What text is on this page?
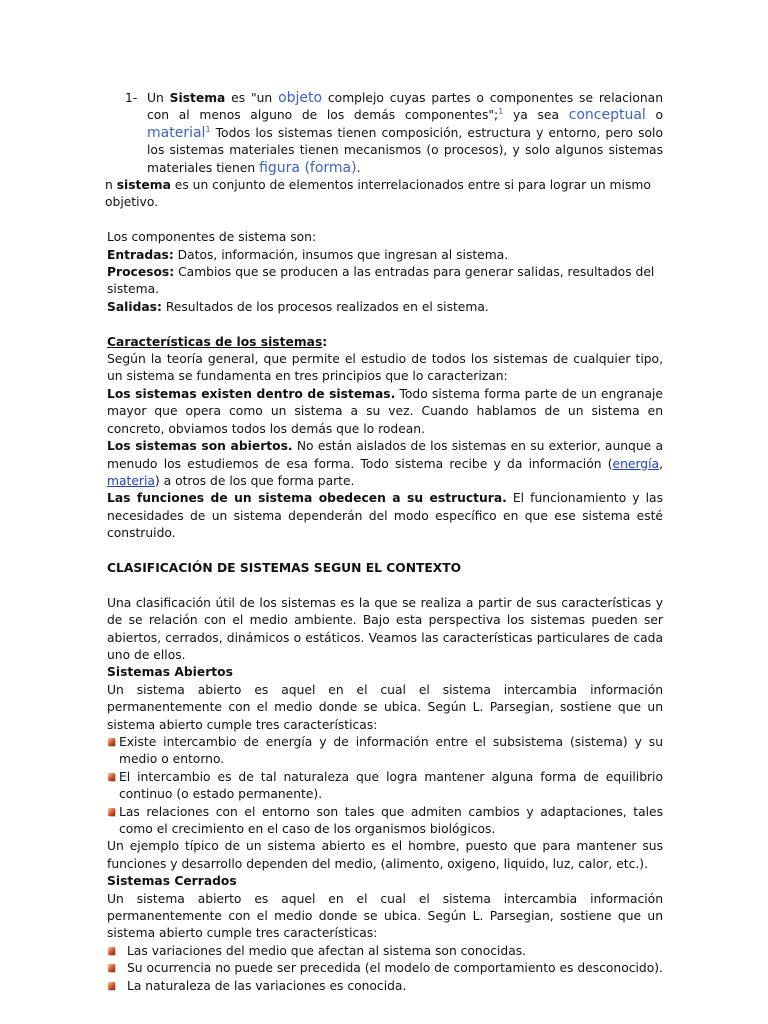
1- Un Sistema es "un objeto complejo cuyas partes o componentes se relacionan con al menos alguno de los demás componentes";$^1$ ya sea conceptual o material$^1$ Todos los sistemas tienen composición, estructura y entorno, pero solo los sistemas materiales tienen mecanismos (o procesos), y solo algunos sistemas materiales tienen figura (forma).
n sistema es un conjunto de elementos interrelacionados entre si para lograr un mismo objetivo.
Los componentes de sistema son:
Entradas: Datos, información, insumos que ingresan al sistema.
Procesos: Cambios que se producen a las entradas para generar salidas, resultados del sistema.
Salidas: Resultados de los procesos realizados en el sistema.
Características de los sistemas:
Según la teoría general, que permite el estudio de todos los sistemas de cualquier tipo, un sistema se fundamenta en tres principios que lo caracterizan:
Los sistemas existen dentro de sistemas. Todo sistema forma parte de un engranaje mayor que opera como un sistema a su vez. Cuando hablamos de un sistema en concreto, obviamos todos los demás que lo rodean.
Los sistemas son abiertos. No están aislados de los sistemas en su exterior, aunque a menudo los estudiemos de esa forma. Todo sistema recibe y da información (energía, materia) a otros de los que forma parte.
Las funciones de un sistema obedecen a su estructura. El funcionamiento y las necesidades de un sistema dependerán del modo específico en que ese sistema esté construido.
CLASIFICACIÓN DE SISTEMAS SEGUN EL CONTEXTO
Una clasificación útil de los sistemas es la que se realiza a partir de sus características y de se relación con el medio ambiente. Bajo esta perspectiva los sistemas pueden ser abiertos, cerrados, dinámicos o estáticos. Veamos las características particulares de cada uno de ellos.
Sistemas Abiertos
Un sistema abierto es aquel en el cual el sistema intercambia información permanentemente con el medio donde se ubica. Según L. Parsegian, sostiene que un sistema abierto cumple tres características:
Existe intercambio de energía y de información entre el subsistema (sistema) y su medio o entorno.
El intercambio es de tal naturaleza que logra mantener alguna forma de equilibrio continuo (o estado permanente).
Las relaciones con el entorno son tales que admiten cambios y adaptaciones, tales como el crecimiento en el caso de los organismos biológicos.
Un ejemplo típico de un sistema abierto es el hombre, puesto que para mantener sus funciones y desarrollo dependen del medio, (alimento, oxigeno, liquido, luz, calor, etc.).
Sistemas Cerrados
Un sistema abierto es aquel en el cual el sistema intercambia información permanentemente con el medio donde se ubica. Según L. Parsegian, sostiene que un sistema abierto cumple tres características:
Las variaciones del medio que afectan al sistema son conocidas.
Su ocurrencia no puede ser precedida (el modelo de comportamiento es desconocido).
La naturaleza de las variaciones es conocida.
